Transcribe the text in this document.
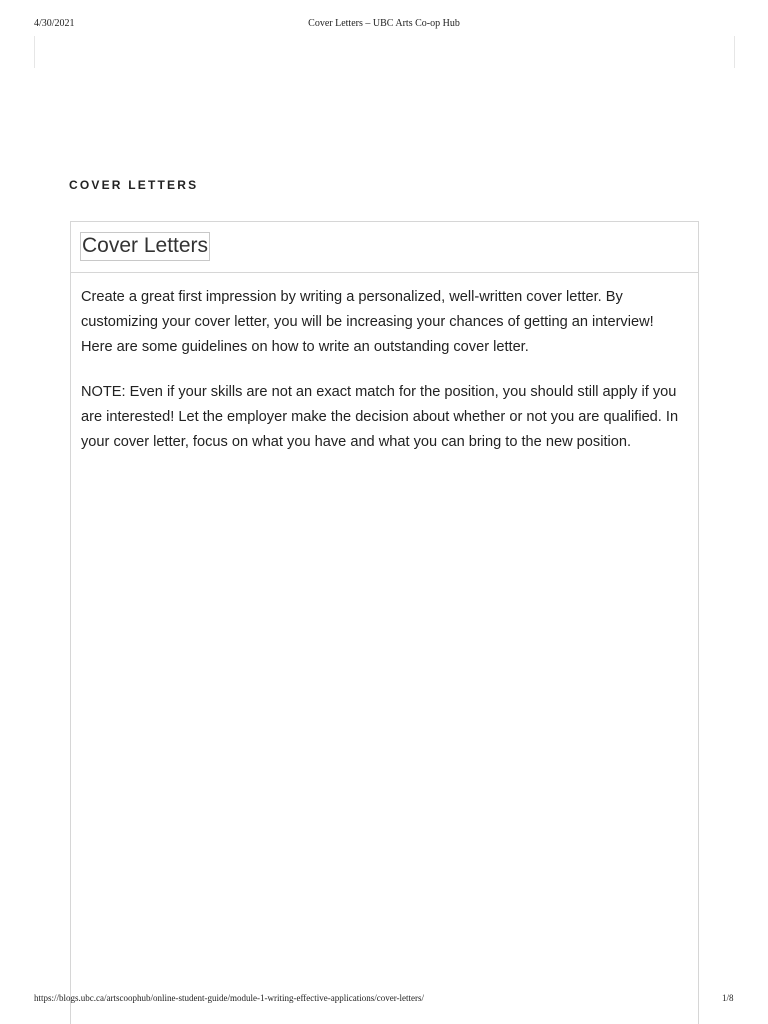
4/30/2021	Cover Letters – UBC Arts Co-op Hub
COVER LETTERS
Cover Letters

Create a great first impression by writing a personalized, well-written cover letter. By customizing your cover letter, you will be increasing your chances of getting an interview! Here are some guidelines on how to write an outstanding cover letter.

NOTE: Even if your skills are not an exact match for the position, you should still apply if you are interested! Let the employer make the decision about whether or not you are qualified. In your cover letter, focus on what you have and what you can bring to the new position.

https://blogs.ubc.ca/artscoophub/online-student-guide/module-1-writing-effective-applications/cover-letters/	1/8
